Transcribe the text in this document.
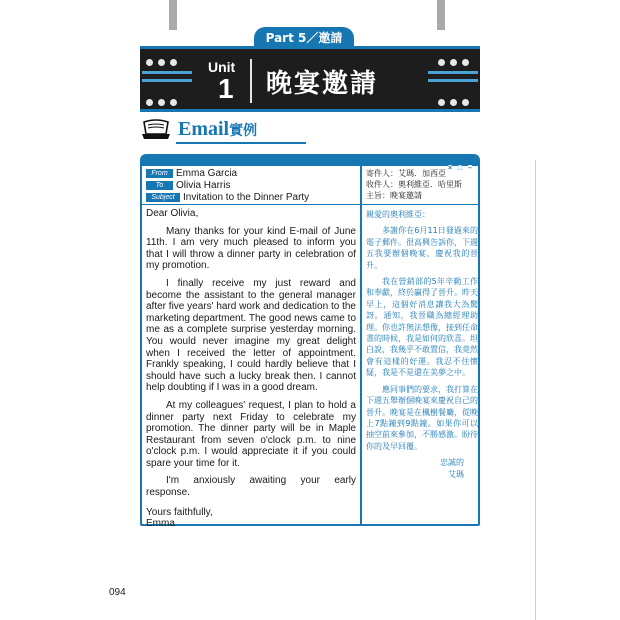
Part 5／邀請
Unit
1 晚宴邀請
Email實例
× □ –
From Emma Garcia
To Olivia Harris
Subject Invitation to the Dinner Party

Dear Olivia,

Many thanks for your kind E-mail of June 11th. I am very much pleased to inform you that I will throw a dinner party in celebration of my promotion.

I finally receive my just reward and become the assistant to the general manager after five years' hard work and dedication to the marketing department. The good news came to me as a complete surprise yesterday morning. You would never imagine my great delight when I received the letter of appointment. Frankly speaking, I could hardly believe that I should have such a lucky break then. I cannot help doubting if I was in a good dream.

At my colleagues' request, I plan to hold a dinner party next Friday to celebrate my promotion. The dinner party will be in Maple Restaurant from seven o'clock p.m. to nine o'clock p.m. I would appreciate it if you could spare your time for it.

I'm anxiously awaiting your early response.

Yours faithfully,

Emma

寄件人：艾瑪．加西亞
收件人：奧利維亞．哈里斯
主旨：晚宴邀請

親愛的奧利維亞：

多謝你在6月11日發過來的電子郵件。很高興告訴你，下週五我要辦個晚宴，慶祝我的晉升。

我在營銷部的5年辛勤工作和奉獻，終於贏得了晉升。昨天早上，這個好消息讓我大為驚訝。通知，我晉職為總經理助理。你也許無法想像，接到任命書的時候，我是如何的欣喜。坦白說，我幾乎不敢置信，我竟然會有這樣的好運。我忍不住懷疑，我是不是還在美夢之中。

應同事們的要求，我打算在下週五舉辦個晚宴來慶祝自己的晉升。晚宴是在楓樹餐廳，從晚上7點鐘到9點鐘。如果你可以抽空前來參加，不勝感激。盼待你的及早回覆。

忠誠的

艾瑪

094
